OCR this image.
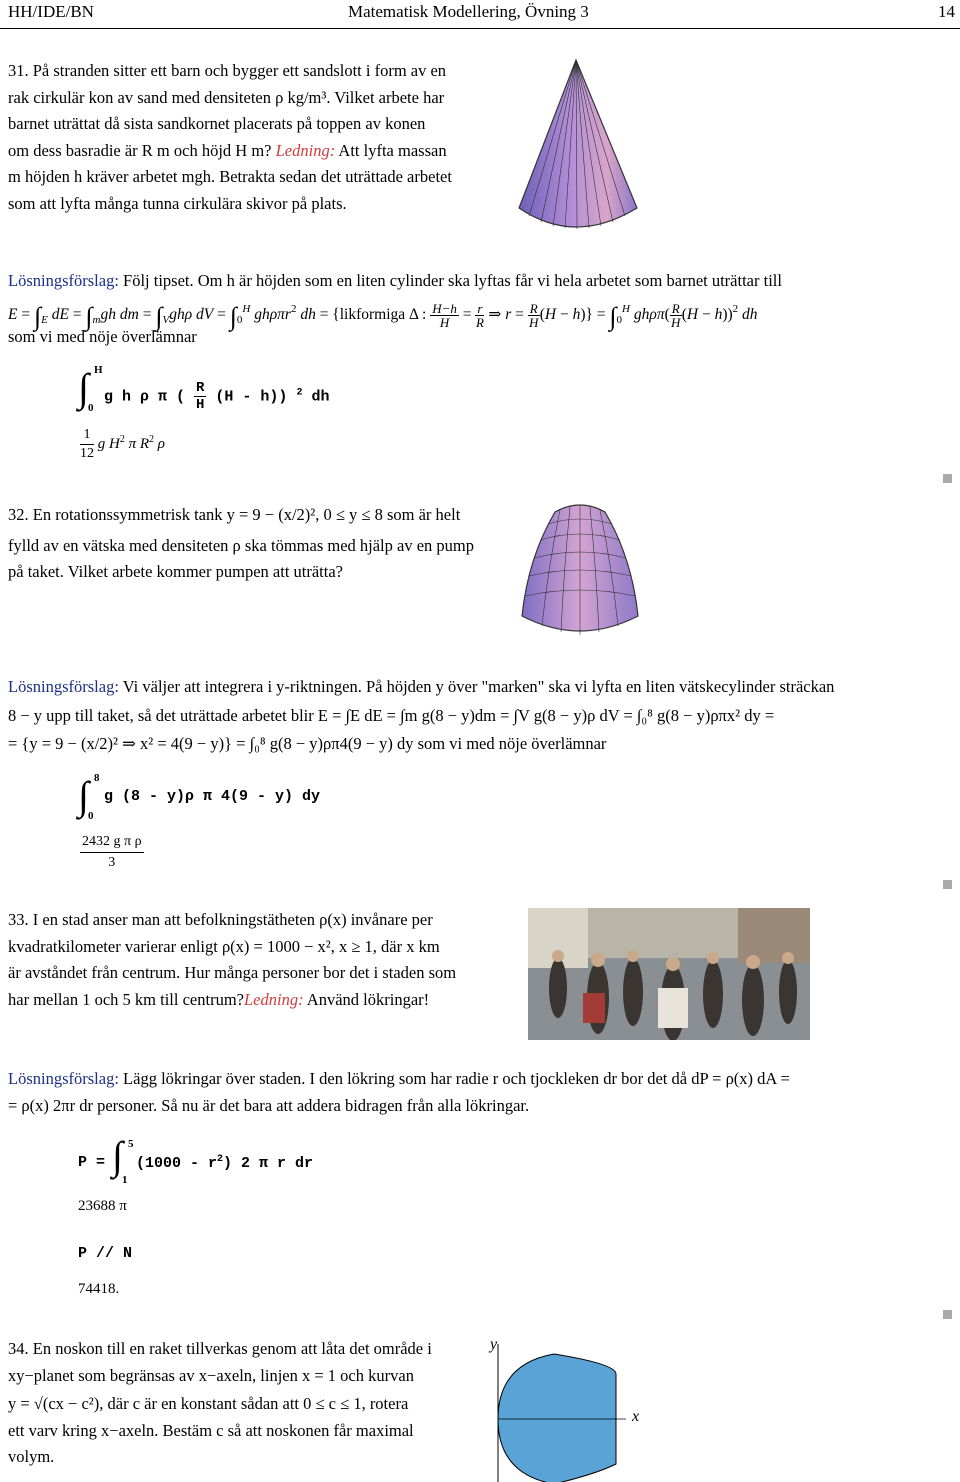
HH/IDE/BN	Matematisk Modellering, Övning 3	14
31. På stranden sitter ett barn och bygger ett sandslott i form av en
rak cirkulär kon av sand med densiteten ρ kg/m³. Vilket arbete har
barnet uträttat då sista sandkornet placerats på toppen av konen
om dess basradie är R m och höjd H m? Ledning: Att lyfta massan
m höjden h kräver arbetet mgh. Betrakta sedan det uträttade arbetet
som att lyfta många tunna cirkulära skivor på plats.
Lösningsförslag: Följ tipset. Om h är höjden som en liten cylinder ska lyftas får vi hela arbetet som barnet uträttar till
$E = \int_E$ dE = $\int_mgh$ dm = $\int_Vgh\rho$ dV = $\int_0^H$ ghρπr$^2$ dh = {likformiga Δ : $\frac{H-h}{H} = \frac{r}{R}$ ⇒ $r = \frac{R}{H} (H - h)\} = \int_0^H$ $gh\rho\pi( \frac{R}{H} (H - h))^2$ dh
som vi med nöje överlämnar
∫ H
0
g h ρ π ( $\frac{R}{H} (H - h)$) $^2$ dh
$\frac{1}{12}$ g $H^2$ π $R^2$ ρ
32. En rotationssymmetrisk tank y = 9 − (x/2)², 0 ≤ y ≤ 8 som är helt
fylld av en vätska med densiteten ρ ska tömmas med hjälp av en pump
på taket. Vilket arbete kommer pumpen att uträtta?
Lösningsförslag: Vi väljer att integrera i y-riktningen. På höjden y över "marken" ska vi lyfta en liten vätskecylinder sträckan
8 − y upp till taket, så det uträttade arbetet blir E = ∫E dE = ∫m g(8 − y)dm = ∫V g(8 − y)ρ dV = ∫₀⁸ g(8 − y)ρπx² dy =
= {y = 9 − (x/2)² ⇒ x² = 4(9 − y)} = ∫₀⁸ g(8 − y)ρπ4(9 − y) dy som vi med nöje överlämnar
∫ 8
0
g (8 - y)ρ π 4(9 - y) dy
$\frac{\text{2432 g π ρ}}{3}$
33. I en stad anser man att befolkningstätheten ρ(x) invånare per
kvadratkilometer varierar enligt ρ(x) = 1000 − x², x ≥ 1, där x km
är avståndet från centrum. Hur många personer bor det i staden som
har mellan 1 och 5 km till centrum?Ledning: Använd lökringar!
Lösningsförslag: Lägg lökringar över staden. I den lökring som har radie r och tjockleken dr bor det då dP = ρ(x) dA =
= ρ(x) 2πr dr personer. Så nu är det bara att addera bidragen från alla lökringar.
P = ∫ 5
1
$(1000 - r^2)$ 2 π r dr
23688 π
P // N
74418.
34. En noskon till en raket tillverkas genom att låta det område i
xy−planet som begränsas av x−axeln, linjen x = 1 och kurvan
y = √(cx − c²), där c är en konstant sådan att 0 ≤ c ≤ 1, rotera
ett varv kring x−axeln. Bestäm c så att noskonen får maximal
volym.
y
x
